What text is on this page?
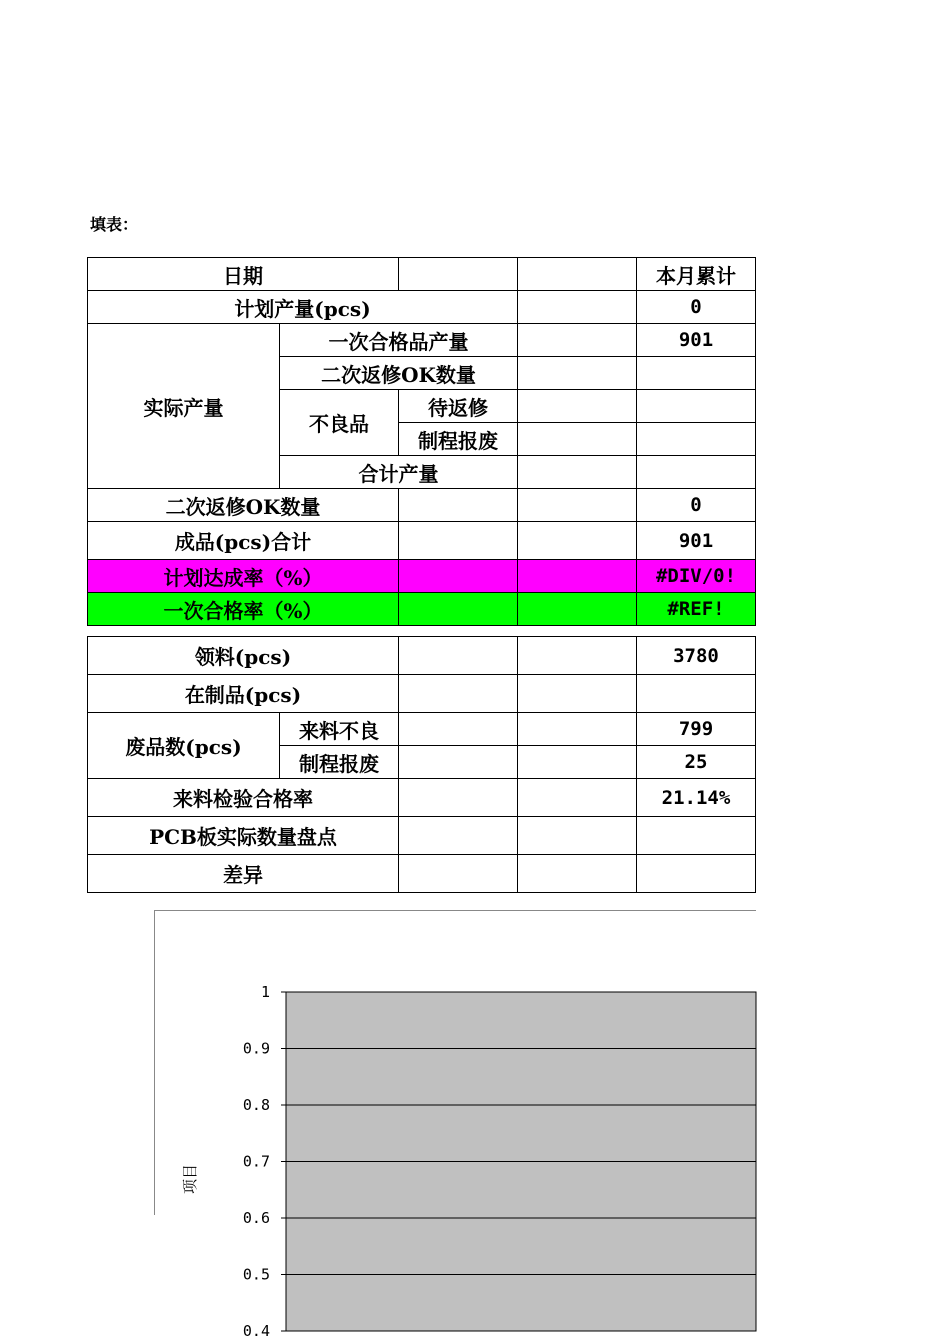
填表：
日期				本月累计
计划产量(pcs)				0
实际产量	一次合格品产量			901
	二次返修OK数量			
	不良品	待返修		
		制程报废		
	合计产量			
二次返修OK数量				0
成品(pcs)合计				901
计划达成率（%）				#DIV/0!
一次合格率（%）				#REF!
领料(pcs)				3780
在制品(pcs)				
废品数(pcs)	来料不良			799
	制程报废			25
来料检验合格率				21.14%
PCB板实际数量盘点				
差异				
1
0.9
0.8
0.7
0.6
0.5
0.4
项目
